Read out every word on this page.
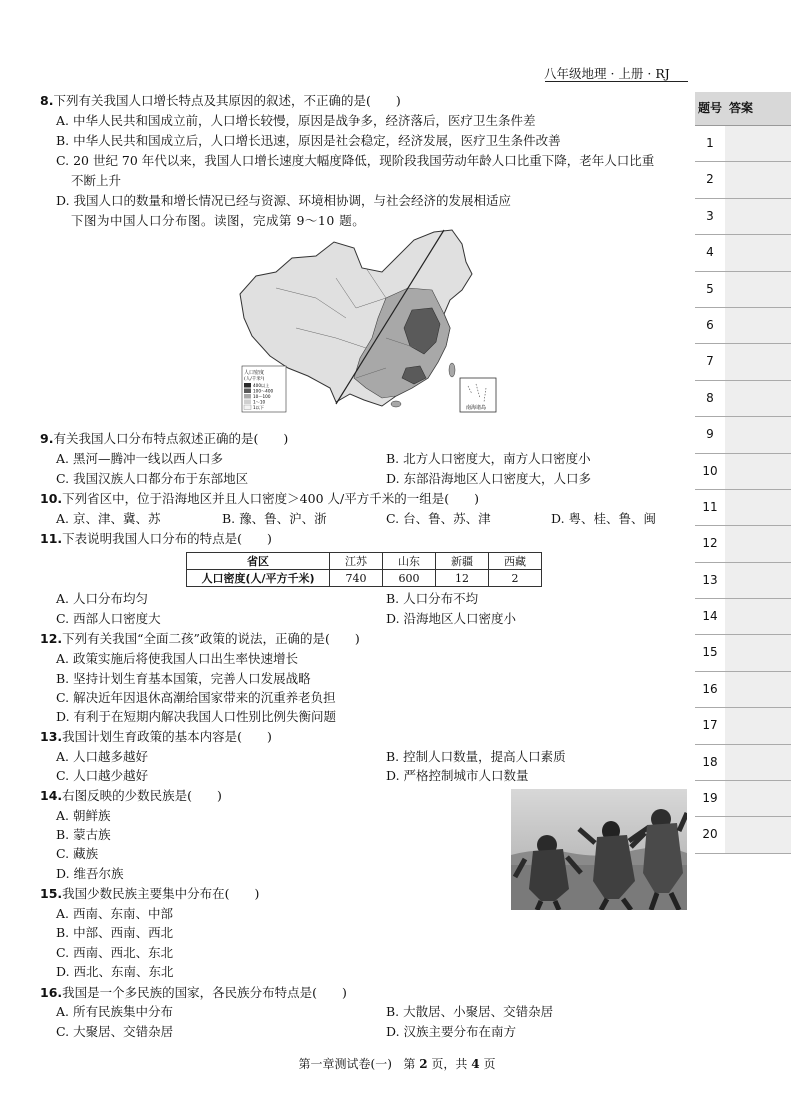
八年级地理 · 上册 · RJ
题号 答案
1
2
3
4
5
6
7
8
9
10
11
12
13
14
15
16
17
18
19
20
8.下列有关我国人口增长特点及其原因的叙述，不正确的是(　　)
A. 中华人民共和国成立前，人口增长较慢，原因是战争多，经济落后，医疗卫生条件差
B. 中华人民共和国成立后，人口增长迅速，原因是社会稳定，经济发展，医疗卫生条件改善
C. 20 世纪 70 年代以来，我国人口增长速度大幅度降低，现阶段我国劳动年龄人口比重下降，老年人口比重
不断上升
D. 我国人口的数量和增长情况已经与资源、环境相协调，与社会经济的发展相适应
下图为中国人口分布图。读图，完成第 9～10 题。
人口密度
(人/千米²)
400以上
100～400
10～100
1～10
1以下	南海诸岛
9.有关我国人口分布特点叙述正确的是(　　)
A. 黑河—腾冲一线以西人口多	B. 北方人口密度大，南方人口密度小
C. 我国汉族人口都分布于东部地区	D. 东部沿海地区人口密度大，人口多
10.下列省区中，位于沿海地区并且人口密度＞400 人/平方千米的一组是(　　)
A. 京、津、冀、苏	B. 豫、鲁、沪、浙	C. 台、鲁、苏、津	D. 粤、桂、鲁、闽
11.下表说明我国人口分布的特点是(　　)
省区	江苏	山东	新疆	西藏
人口密度(人/平方千米)	740	600	12	2
A. 人口分布均匀	B. 人口分布不均
C. 西部人口密度大	D. 沿海地区人口密度小
12.下列有关我国“全面二孩”政策的说法，正确的是(　　)
A. 政策实施后将使我国人口出生率快速增长
B. 坚持计划生育基本国策，完善人口发展战略
C. 解决近年因退休高潮给国家带来的沉重养老负担
D. 有利于在短期内解决我国人口性别比例失衡问题
13.我国计划生育政策的基本内容是(　　)
A. 人口越多越好	B. 控制人口数量，提高人口素质
C. 人口越少越好	D. 严格控制城市人口数量
14.右图反映的少数民族是(　　)
A. 朝鲜族
B. 蒙古族
C. 藏族
D. 维吾尔族
15.我国少数民族主要集中分布在(　　)
A. 西南、东南、中部
B. 中部、西南、西北
C. 西南、西北、东北
D. 西北、东南、东北
16.我国是一个多民族的国家，各民族分布特点是(　　)
A. 所有民族集中分布	B. 大散居、小聚居、交错杂居
C. 大聚居、交错杂居	D. 汉族主要分布在南方
第一章测试卷(一) 第 2 页，共 4 页
